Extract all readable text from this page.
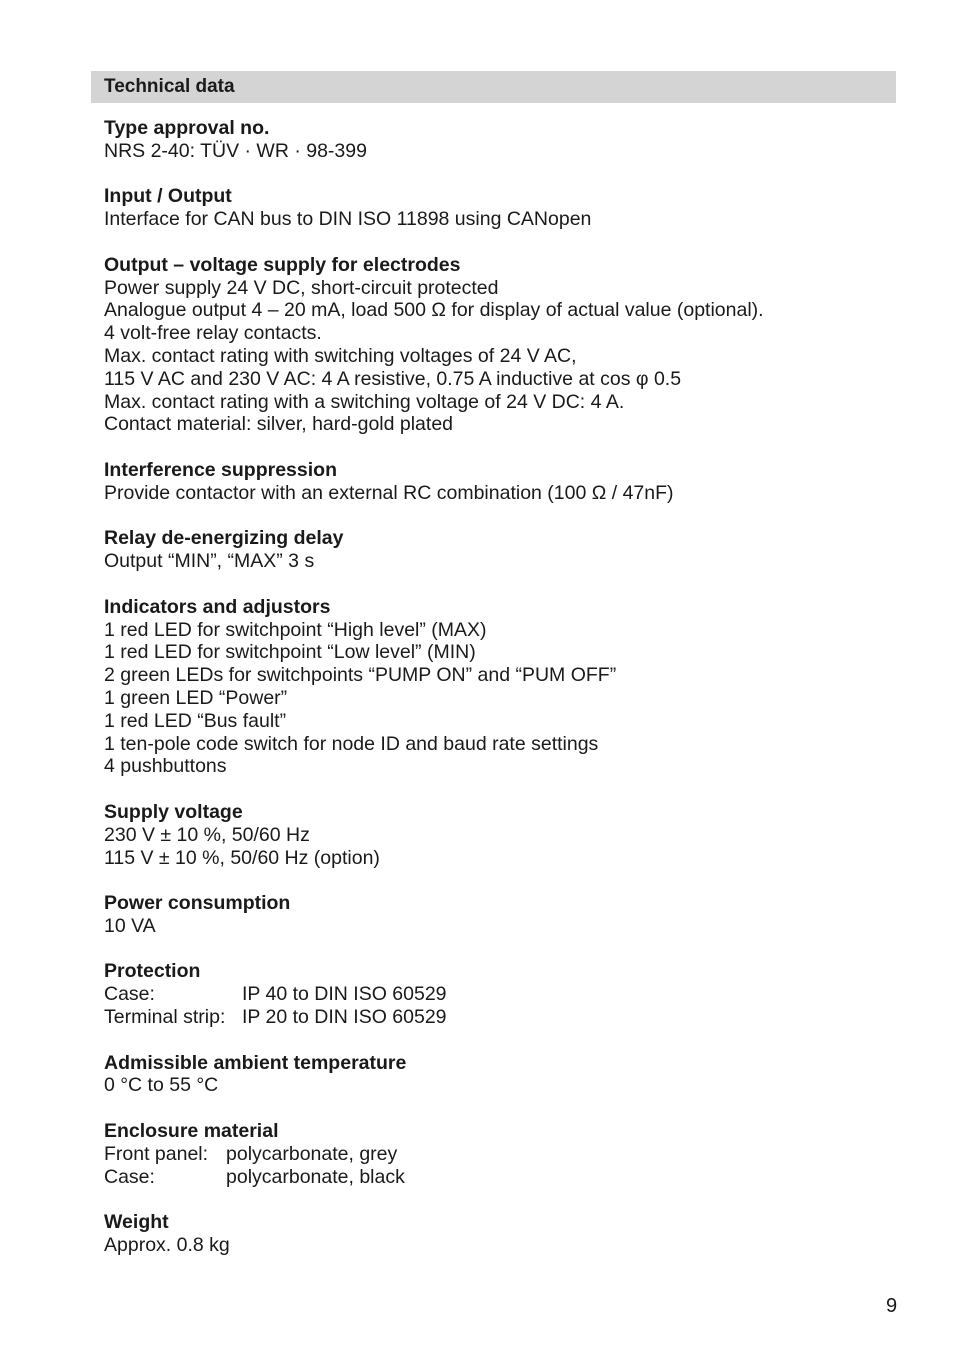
Technical data
Type approval no.
NRS 2-40: TÜV · WR · 98-399
Input / Output
Interface for CAN bus to DIN ISO 11898 using CANopen
Output – voltage supply for electrodes
Power supply 24 V DC, short-circuit protected
Analogue output 4 – 20 mA, load 500 Ω for display of actual value (optional).
4 volt-free relay contacts.
Max. contact rating with switching voltages of 24 V AC,
115 V AC and 230 V AC: 4 A resistive, 0.75 A inductive at cos φ 0.5
Max. contact rating with a switching voltage of 24 V DC: 4 A.
Contact material: silver, hard-gold plated
Interference suppression
Provide contactor with an external RC combination (100 Ω / 47nF)
Relay de-energizing delay
Output “MIN”, “MAX” 3 s
Indicators and adjustors
1 red LED for switchpoint “High level” (MAX)
1 red LED for switchpoint “Low level” (MIN)
2 green LEDs for switchpoints “PUMP ON” and “PUM OFF”
1 green LED “Power”
1 red LED “Bus fault”
1 ten-pole code switch for node ID and baud rate settings
4 pushbuttons
Supply voltage
230 V ± 10 %, 50/60 Hz
115 V ± 10 %, 50/60 Hz (option)
Power consumption
10 VA
Protection
Case:	IP 40 to DIN ISO 60529
Terminal strip: IP 20 to DIN ISO 60529
Admissible ambient temperature
0 °C to 55 °C
Enclosure material
Front panel: polycarbonate, grey
Case:	polycarbonate, black
Weight
Approx. 0.8 kg
9
